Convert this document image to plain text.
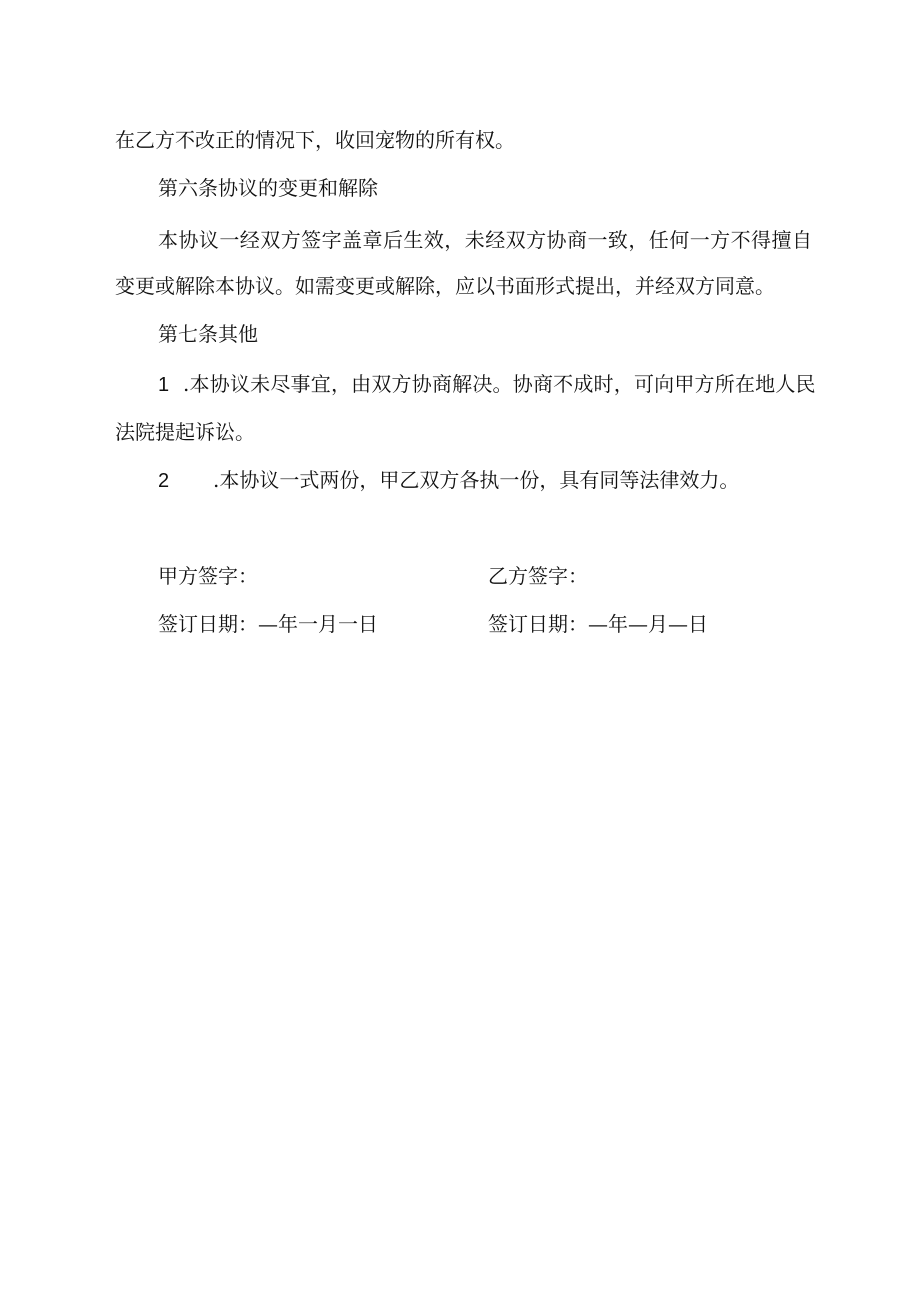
在乙方不改正的情况下，收回宠物的所有权。
第六条协议的变更和解除
本协议一经双方签字盖章后生效，未经双方协商一致，任何一方不得擅自
变更或解除本协议。如需变更或解除，应以书面形式提出，并经双方同意。
第七条其他
1 .本协议未尽事宜，由双方协商解决。协商不成时，可向甲方所在地人民
法院提起诉讼。
2 .本协议一式两份，甲乙双方各执一份，具有同等法律效力。
甲方签字：	乙方签字：
签订日期：—年一月一日	签订日期：—年—月—日
